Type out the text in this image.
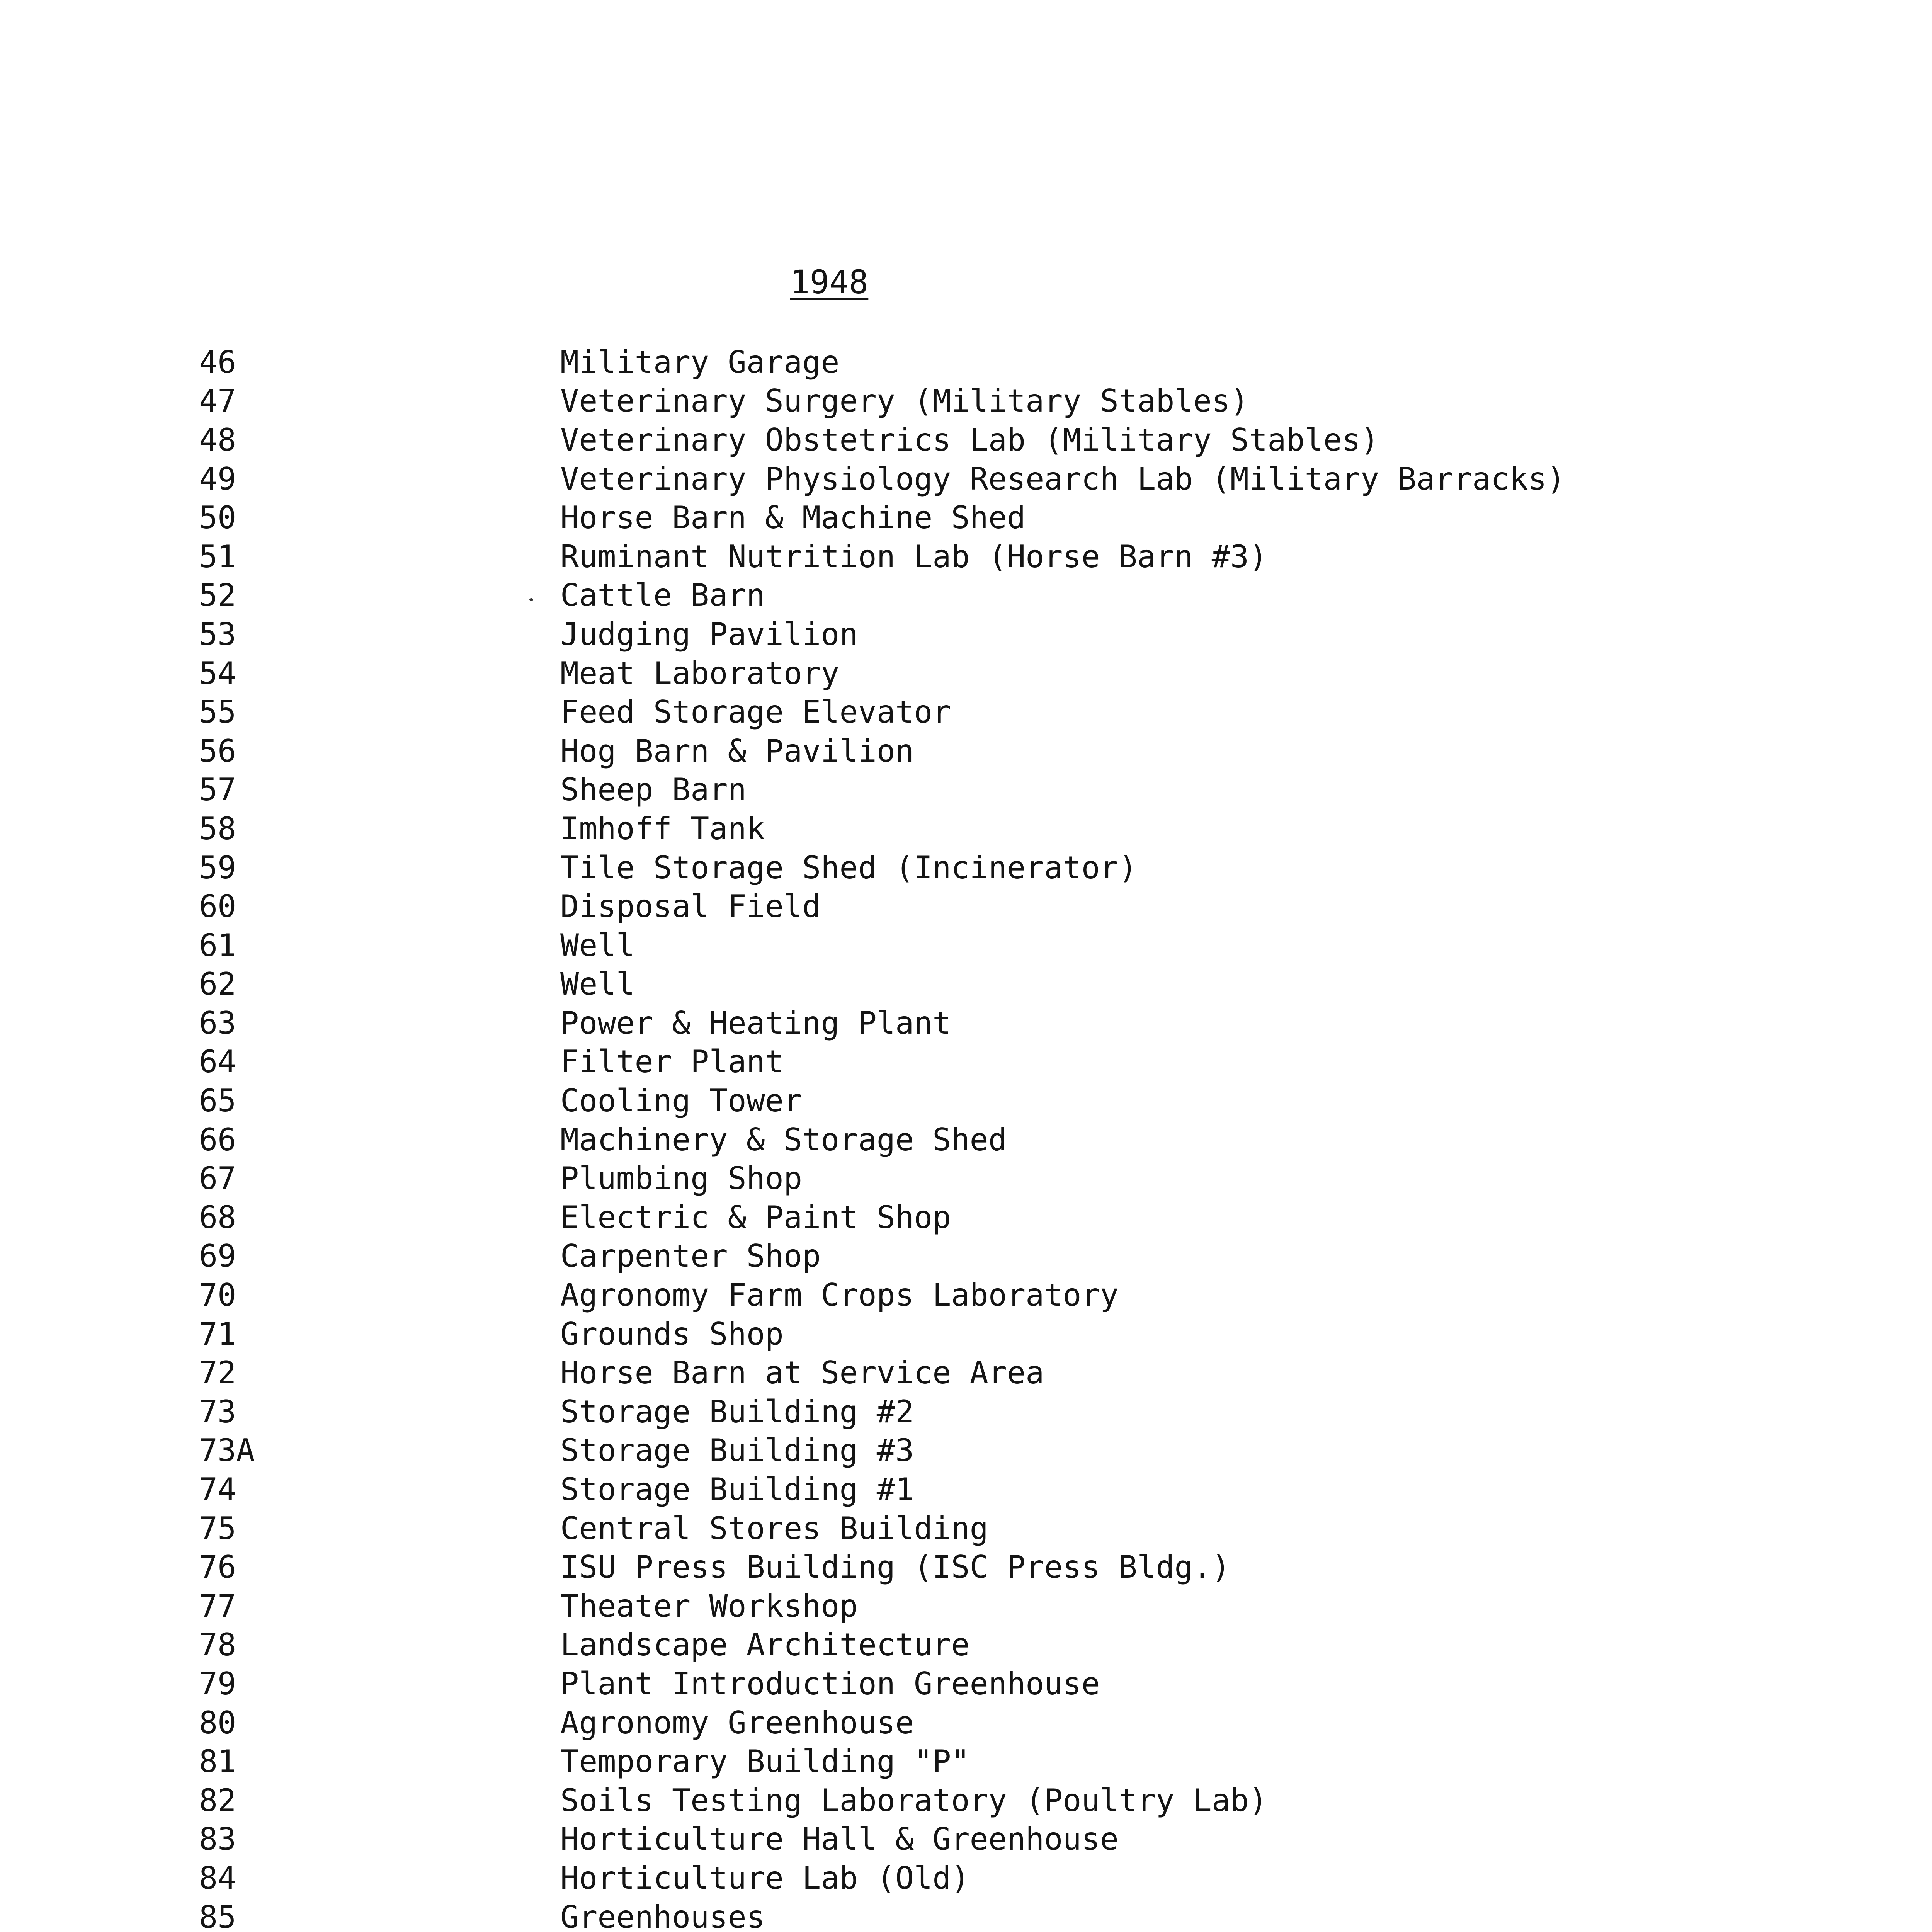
1948
46	Military Garage
47	Veterinary Surgery (Military Stables)
48	Veterinary Obstetrics Lab (Military Stables)
49	Veterinary Physiology Research Lab (Military Barracks)
50	Horse Barn & Machine Shed
51	Ruminant Nutrition Lab (Horse Barn #3)
52	Cattle Barn
53	Judging Pavilion
54	Meat Laboratory
55	Feed Storage Elevator
56	Hog Barn & Pavilion
57	Sheep Barn
58	Imhoff Tank
59	Tile Storage Shed (Incinerator)
60	Disposal Field
61	Well
62	Well
63	Power & Heating Plant
64	Filter Plant
65	Cooling Tower
66	Machinery & Storage Shed
67	Plumbing Shop
68	Electric & Paint Shop
69	Carpenter Shop
70	Agronomy Farm Crops Laboratory
71	Grounds Shop
72	Horse Barn at Service Area
73	Storage Building #2
73A	Storage Building #3
74	Storage Building #1
75	Central Stores Building
76	ISU Press Building (ISC Press Bldg.)
77	Theater Workshop
78	Landscape Architecture
79	Plant Introduction Greenhouse
80	Agronomy Greenhouse
81	Temporary Building "P"
82	Soils Testing Laboratory (Poultry Lab)
83	Horticulture Hall & Greenhouse
84	Horticulture Lab (Old)
85	Greenhouses
